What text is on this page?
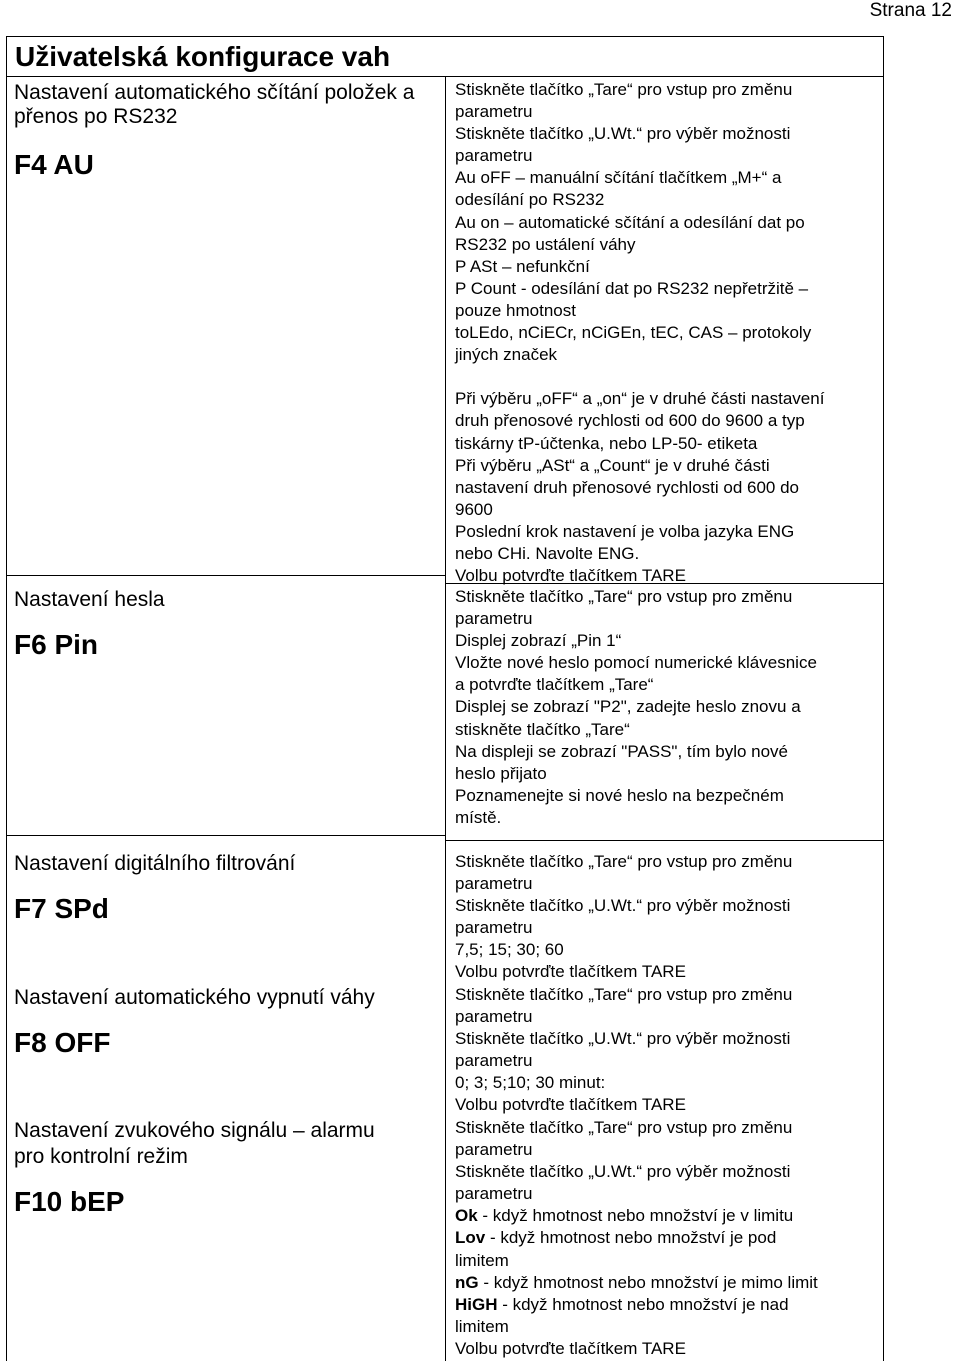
Strana 12
Uživatelská konfigurace vah
Nastavení automatického sčítání položek a přenos po RS232
F4 AU
Nastavení hesla
F6 Pin
Nastavení digitálního filtrování
F7 SPd
Nastavení automatického vypnutí váhy
F8 OFF
Nastavení zvukového signálu – alarmu
pro kontrolní režim
F10 bEP
Stiskněte tlačítko „Tare“ pro vstup pro změnu
parametru
Stiskněte tlačítko „U.Wt.“ pro výběr možnosti
parametru
Au oFF – manuální sčítání tlačítkem „M+“ a
odesílání po RS232
Au on – automatické sčítání a odesílání dat po
RS232 po ustálení váhy
P ASt – nefunkční
P Count - odesílání dat po RS232 nepřetržitě –
pouze hmotnost
toLEdo, nCiECr, nCiGEn, tEC, CAS – protokoly
jiných značek

Při výběru „oFF“ a „on“ je v druhé části nastavení
druh přenosové rychlosti od 600 do 9600 a typ
tiskárny tP-účtenka, nebo LP-50- etiketa
Při výběru „ASt“ a „Count“ je v druhé části
nastavení druh přenosové rychlosti od 600 do
9600
Poslední krok nastavení je volba jazyka ENG
nebo CHi. Navolte ENG.
Volbu potvrďte tlačítkem TARE
Stiskněte tlačítko „Tare“ pro vstup pro změnu
parametru
Displej zobrazí „Pin 1“
Vložte nové heslo pomocí numerické klávesnice
a potvrďte tlačítkem „Tare“
Displej se zobrazí "P2", zadejte heslo znovu a
stiskněte tlačítko „Tare“
Na displeji se zobrazí "PASS", tím bylo nové
heslo přijato
Poznamenejte si nové heslo na bezpečném
místě.
Stiskněte tlačítko „Tare“ pro vstup pro změnu
parametru
Stiskněte tlačítko „U.Wt.“ pro výběr možnosti
parametru
7,5; 15; 30; 60
Volbu potvrďte tlačítkem TARE
Stiskněte tlačítko „Tare“ pro vstup pro změnu
parametru
Stiskněte tlačítko „U.Wt.“ pro výběr možnosti
parametru
0; 3; 5;10; 30 minut:
Volbu potvrďte tlačítkem TARE
Stiskněte tlačítko „Tare“ pro vstup pro změnu
parametru
Stiskněte tlačítko „U.Wt.“ pro výběr možnosti
parametru
Ok - když hmotnost nebo množství je v limitu
Lov - když hmotnost nebo množství je pod
limitem
nG - když hmotnost nebo množství je mimo limit
HiGH - když hmotnost nebo množství je nad
limitem
Volbu potvrďte tlačítkem TARE
